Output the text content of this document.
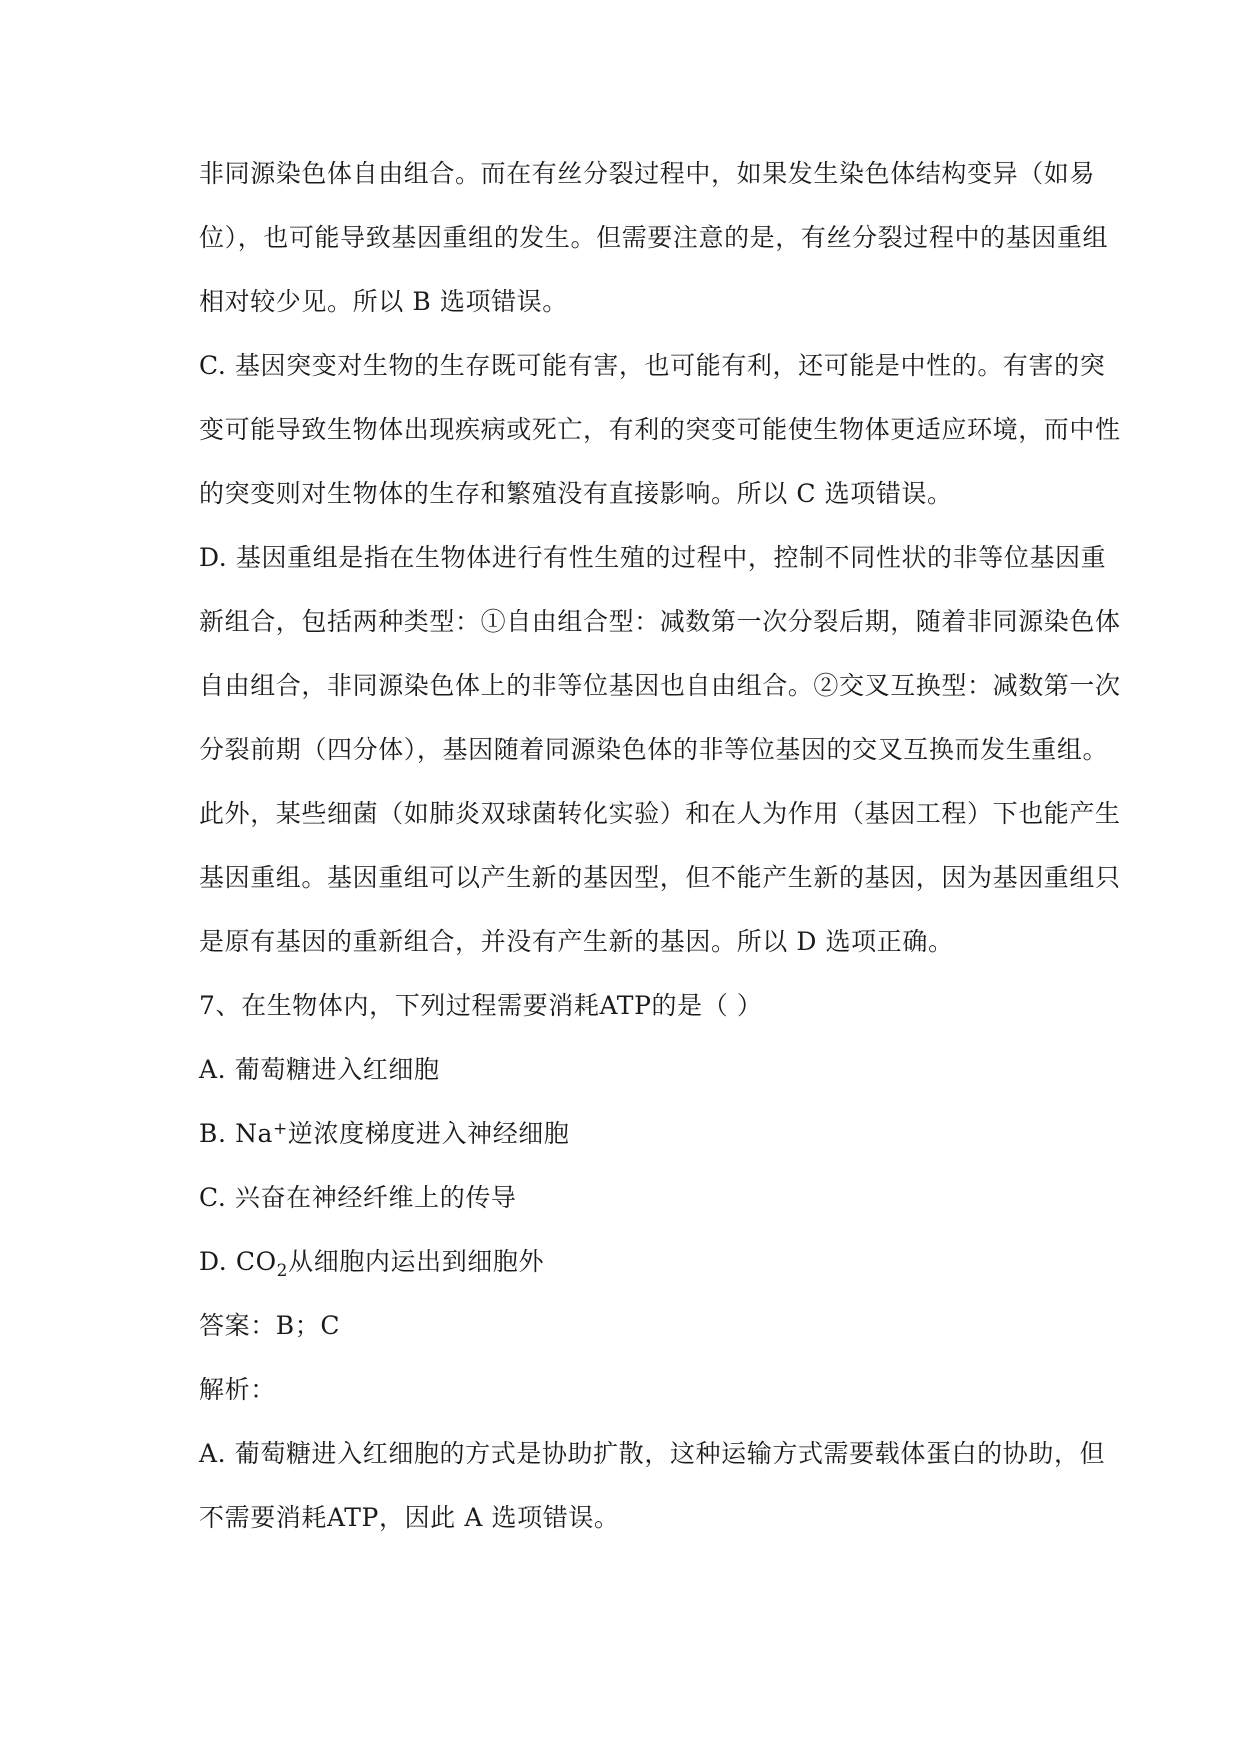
非同源染色体自由组合。而在有丝分裂过程中，如果发生染色体结构变异（如易
位），也可能导致基因重组的发生。但需要注意的是，有丝分裂过程中的基因重组
相对较少见。所以 B 选项错误。
C. 基因突变对生物的生存既可能有害，也可能有利，还可能是中性的。有害的突
变可能导致生物体出现疾病或死亡，有利的突变可能使生物体更适应环境，而中性
的突变则对生物体的生存和繁殖没有直接影响。所以 C 选项错误。
D. 基因重组是指在生物体进行有性生殖的过程中，控制不同性状的非等位基因重
新组合，包括两种类型：①自由组合型：减数第一次分裂后期，随着非同源染色体
自由组合，非同源染色体上的非等位基因也自由组合。②交叉互换型：减数第一次
分裂前期（四分体），基因随着同源染色体的非等位基因的交叉互换而发生重组。
此外，某些细菌（如肺炎双球菌转化实验）和在人为作用（基因工程）下也能产生
基因重组。基因重组可以产生新的基因型，但不能产生新的基因，因为基因重组只
是原有基因的重新组合，并没有产生新的基因。所以 D 选项正确。
7、在生物体内，下列过程需要消耗ATP的是（ ）
A. 葡萄糖进入红细胞
B. Na+逆浓度梯度进入神经细胞
C. 兴奋在神经纤维上的传导
D. $CO_2$从细胞内运出到细胞外
答案：B；C
解析：
A. 葡萄糖进入红细胞的方式是协助扩散，这种运输方式需要载体蛋白的协助，但
不需要消耗ATP，因此 A 选项错误。
